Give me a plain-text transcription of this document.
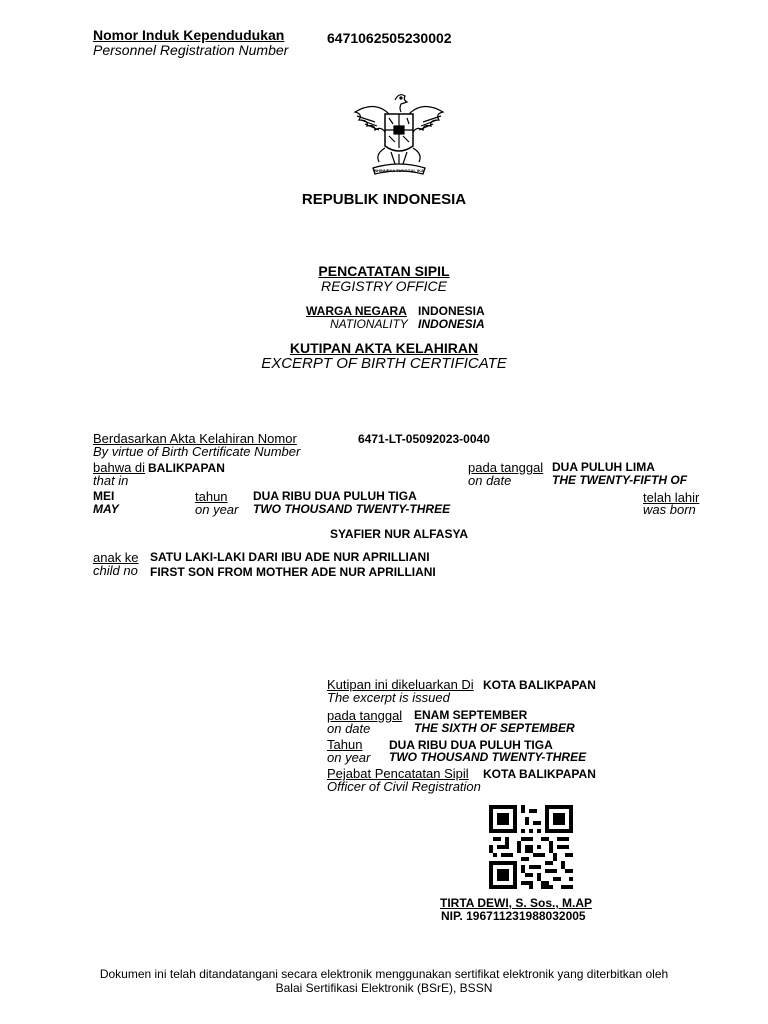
Nomor Induk Kependudukan
Personnel Registration Number
6471062505230002
BHINNEKA TUNGGAL IKA
REPUBLIK INDONESIA
PENCATATAN SIPIL
REGISTRY OFFICE
WARGA NEGARA INDONESIA
NATIONALITY INDONESIA
KUTIPAN AKTA KELAHIRAN
EXCERPT OF BIRTH CERTIFICATE
Berdasarkan Akta Kelahiran Nomor
By virtue of Birth Certificate Number
6471-LT-05092023-0040
bahwa di BALIKPAPAN
that in
pada tanggal
on date
DUA PULUH LIMA
THE TWENTY-FIFTH OF
MEI
MAY
tahun
on year
DUA RIBU DUA PULUH TIGA
TWO THOUSAND TWENTY-THREE
telah lahir
was born
SYAFIER NUR ALFASYA
anak ke
child no
SATU LAKI-LAKI DARI IBU ADE NUR APRILLIANI
FIRST SON FROM MOTHER ADE NUR APRILLIANI
Kutipan ini dikeluarkan Di
The excerpt is issued
KOTA BALIKPAPAN
pada tanggal
on date
ENAM SEPTEMBER
THE SIXTH OF SEPTEMBER
Tahun
on year
DUA RIBU DUA PULUH TIGA
TWO THOUSAND TWENTY-THREE
Pejabat Pencatatan Sipil
Officer of Civil Registration
KOTA BALIKPAPAN
TIRTA DEWI, S. Sos., M.AP
NIP. 196711231988032005
Dokumen ini telah ditandatangani secara elektronik menggunakan sertifikat elektronik yang diterbitkan oleh
Balai Sertifikasi Elektronik (BSrE), BSSN
